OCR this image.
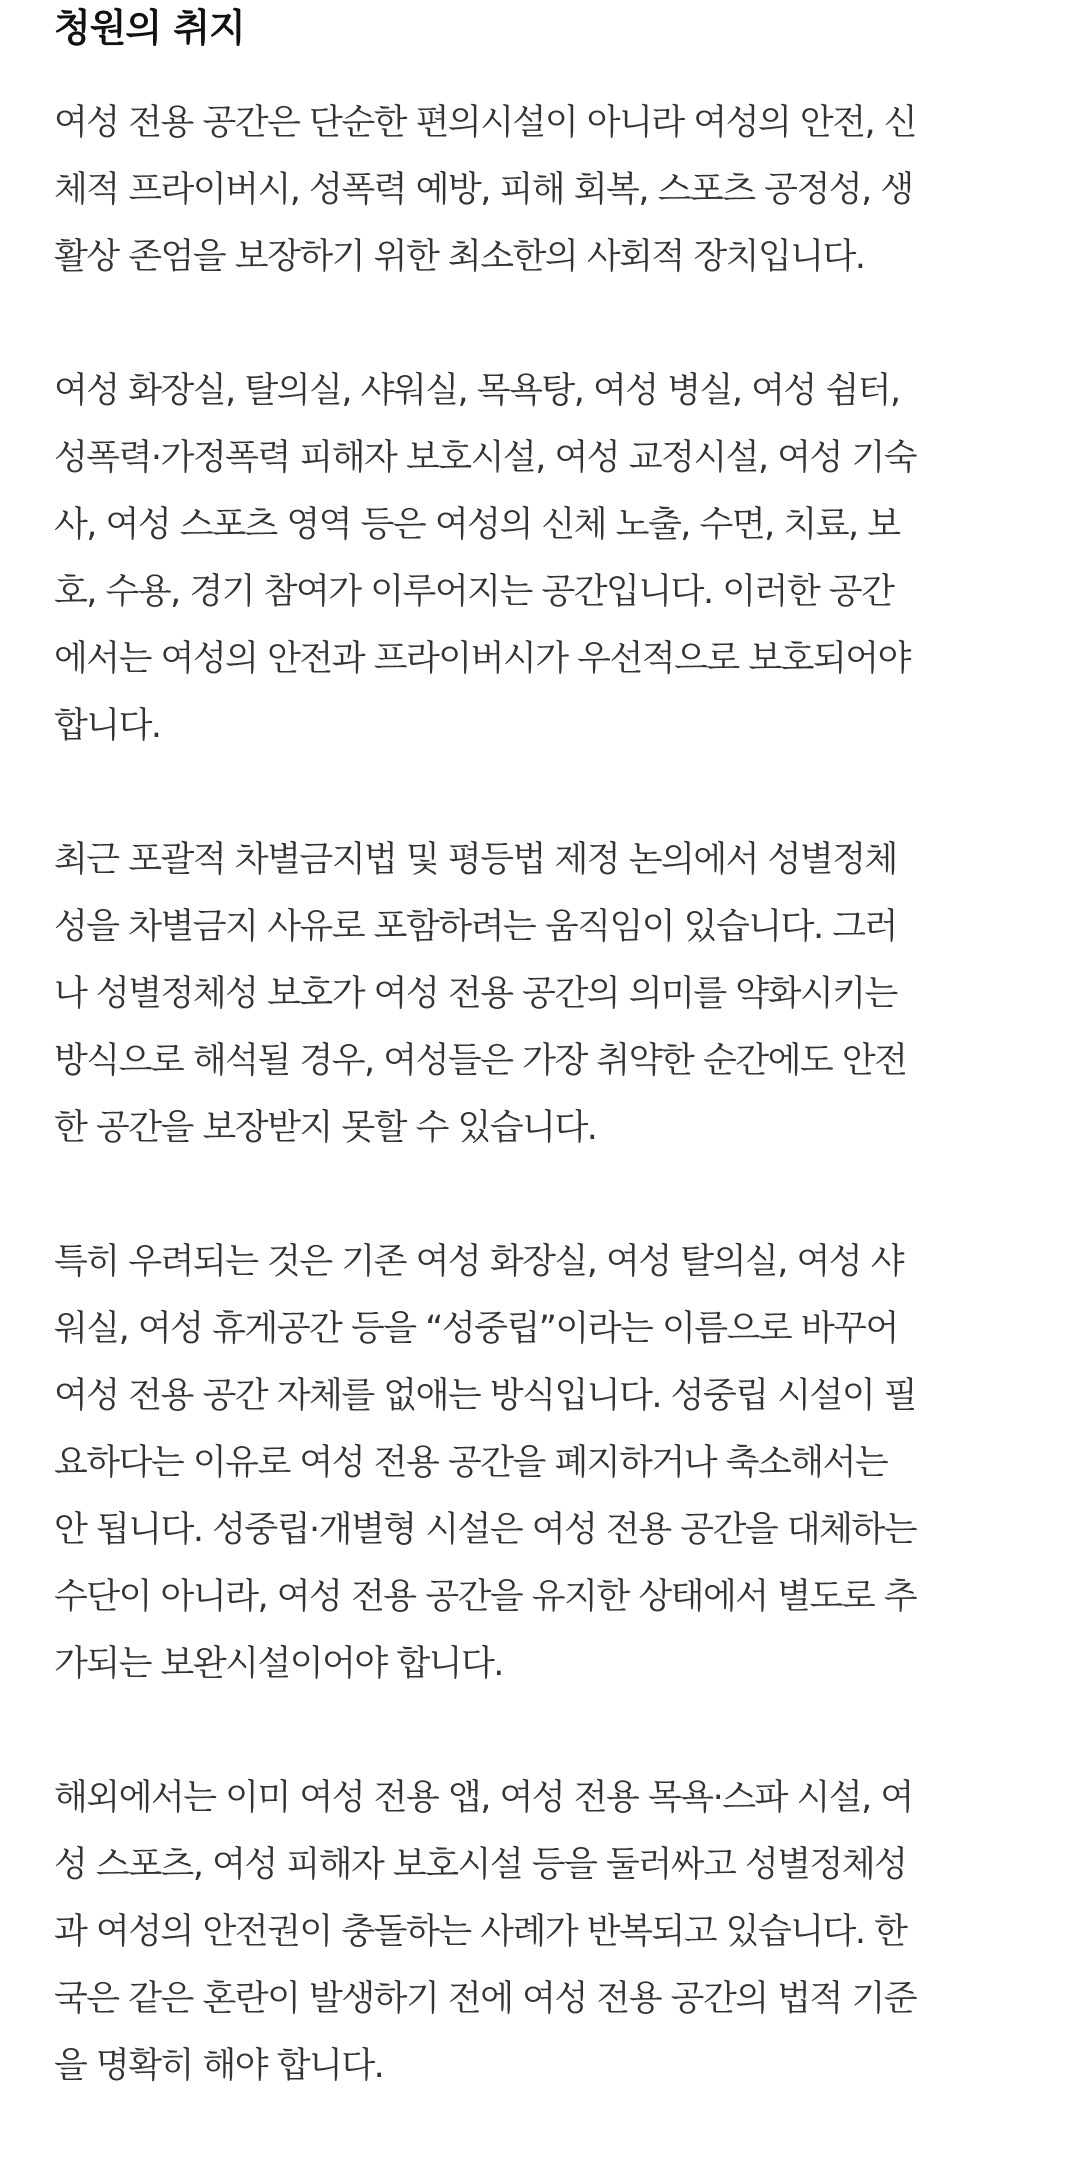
청원의 취지

여성 전용 공간은 단순한 편의시설이 아니라 여성의 안전, 신
체적 프라이버시, 성폭력 예방, 피해 회복, 스포츠 공정성, 생
활상 존엄을 보장하기 위한 최소한의 사회적 장치입니다.

여성 화장실, 탈의실, 샤워실, 목욕탕, 여성 병실, 여성 쉼터,
성폭력·가정폭력 피해자 보호시설, 여성 교정시설, 여성 기숙
사, 여성 스포츠 영역 등은 여성의 신체 노출, 수면, 치료, 보
호, 수용, 경기 참여가 이루어지는 공간입니다. 이러한 공간
에서는 여성의 안전과 프라이버시가 우선적으로 보호되어야
합니다.

최근 포괄적 차별금지법 및 평등법 제정 논의에서 성별정체
성을 차별금지 사유로 포함하려는 움직임이 있습니다. 그러
나 성별정체성 보호가 여성 전용 공간의 의미를 약화시키는
방식으로 해석될 경우, 여성들은 가장 취약한 순간에도 안전
한 공간을 보장받지 못할 수 있습니다.

특히 우려되는 것은 기존 여성 화장실, 여성 탈의실, 여성 샤
워실, 여성 휴게공간 등을 “성중립”이라는 이름으로 바꾸어
여성 전용 공간 자체를 없애는 방식입니다. 성중립 시설이 필
요하다는 이유로 여성 전용 공간을 폐지하거나 축소해서는
안 됩니다. 성중립·개별형 시설은 여성 전용 공간을 대체하는
수단이 아니라, 여성 전용 공간을 유지한 상태에서 별도로 추
가되는 보완시설이어야 합니다.

해외에서는 이미 여성 전용 앱, 여성 전용 목욕·스파 시설, 여
성 스포츠, 여성 피해자 보호시설 등을 둘러싸고 성별정체성
과 여성의 안전권이 충돌하는 사례가 반복되고 있습니다. 한
국은 같은 혼란이 발생하기 전에 여성 전용 공간의 법적 기준
을 명확히 해야 합니다.
